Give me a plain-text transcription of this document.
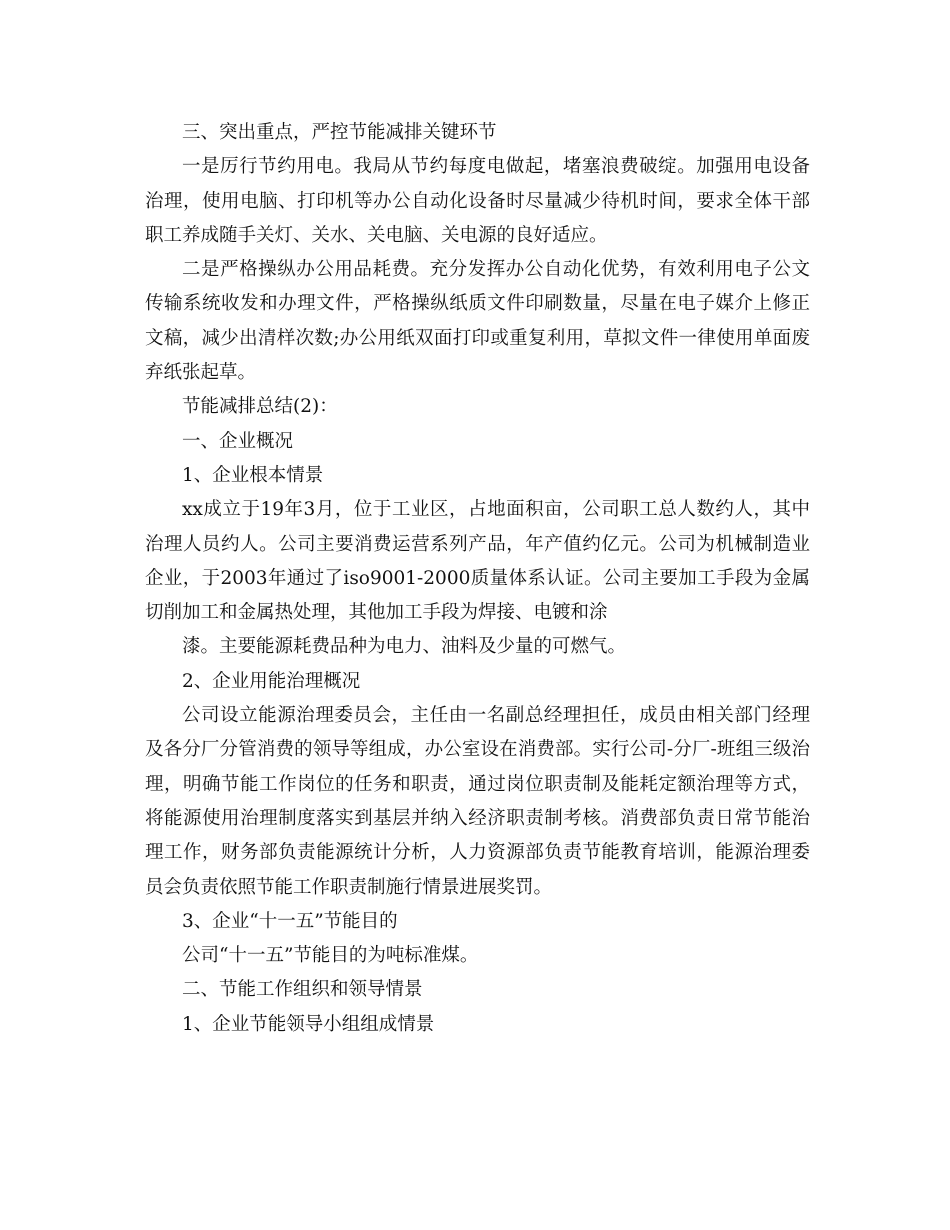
三、突出重点，严控节能减排关键环节

一是厉行节约用电。我局从节约每度电做起，堵塞浪费破绽。加强用电设备治理，使用电脑、打印机等办公自动化设备时尽量减少待机时间，要求全体干部职工养成随手关灯、关水、关电脑、关电源的良好适应。

二是严格操纵办公用品耗费。充分发挥办公自动化优势，有效利用电子公文传输系统收发和办理文件，严格操纵纸质文件印刷数量，尽量在电子媒介上修正文稿，减少出清样次数;办公用纸双面打印或重复利用，草拟文件一律使用单面废弃纸张起草。

节能减排总结(2)：

一、企业概况

1、企业根本情景

xx成立于19年3月，位于工业区，占地面积亩，公司职工总人数约人，其中治理人员约人。公司主要消费运营系列产品，年产值约亿元。公司为机械制造业企业，于2003年通过了iso9001-2000质量体系认证。公司主要加工手段为金属切削加工和金属热处理，其他加工手段为焊接、电镀和涂

漆。主要能源耗费品种为电力、油料及少量的可燃气。

2、企业用能治理概况

公司设立能源治理委员会，主任由一名副总经理担任，成员由相关部门经理及各分厂分管消费的领导等组成，办公室设在消费部。实行公司-分厂-班组三级治理，明确节能工作岗位的任务和职责，通过岗位职责制及能耗定额治理等方式，将能源使用治理制度落实到基层并纳入经济职责制考核。消费部负责日常节能治理工作，财务部负责能源统计分析，人力资源部负责节能教育培训，能源治理委员会负责依照节能工作职责制施行情景进展奖罚。

3、企业“十一五”节能目的

公司“十一五”节能目的为吨标准煤。

二、节能工作组织和领导情景

1、企业节能领导小组组成情景
